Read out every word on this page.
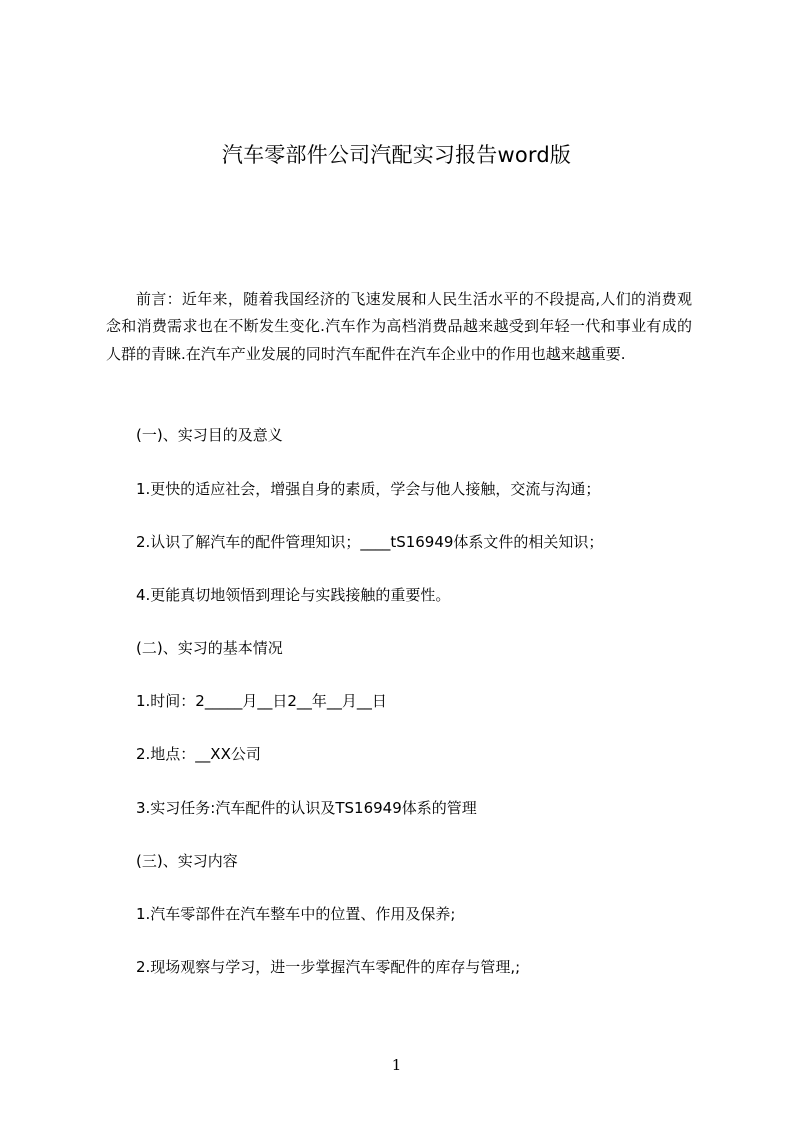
汽车零部件公司汽配实习报告word版

前言：近年来，随着我国经济的飞速发展和人民生活水平的不段提高,人们的消费观念和消费需求也在不断发生变化.汽车作为高档消费品越来越受到年轻一代和事业有成的人群的青睐.在汽车产业发展的同时汽车配件在汽车企业中的作用也越来越重要.

(一)、实习目的及意义
1.更快的适应社会，增强自身的素质，学会与他人接触，交流与沟通；
2.认识了解汽车的配件管理知识；____tS16949体系文件的相关知识；
4.更能真切地领悟到理论与实践接触的重要性。
(二)、实习的基本情况
1.时间：2_____月__日2__年__月__日
2.地点：__XX公司
3.实习任务:汽车配件的认识及TS16949体系的管理
(三)、实习内容
1.汽车零部件在汽车整车中的位置、作用及保养;
2.现场观察与学习，进一步掌握汽车零配件的库存与管理,;
1
